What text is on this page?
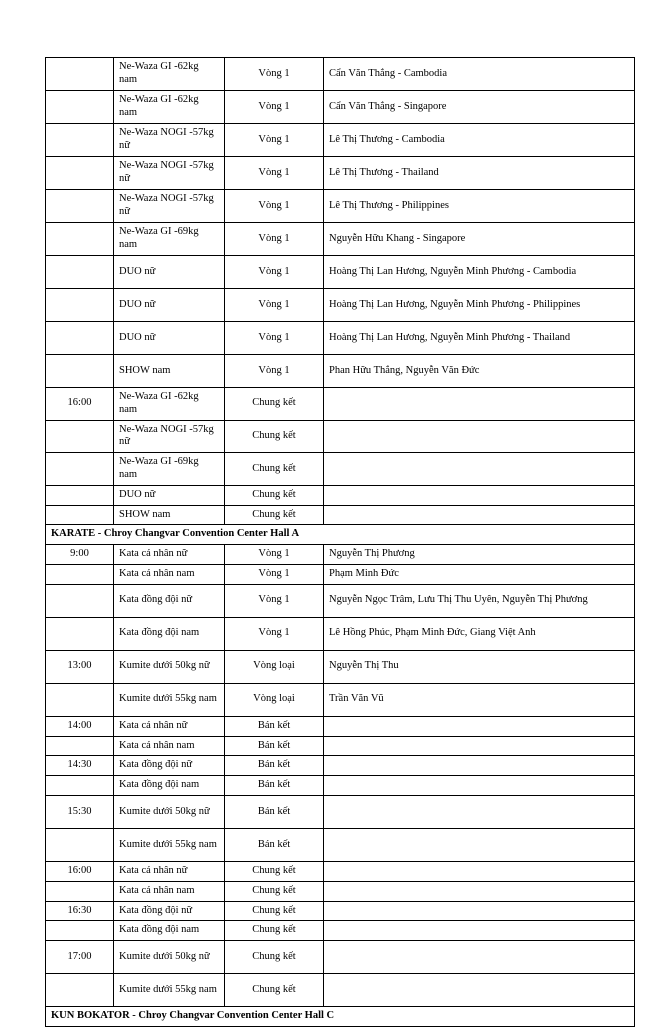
	Ne-Waza GI -62kg nam	Vòng 1	Cẩn Văn Thắng - Cambodia
	Ne-Waza GI -62kg nam	Vòng 1	Cẩn Văn Thắng - Singapore
	Ne-Waza NOGI -57kg nữ	Vòng 1	Lê Thị Thương - Cambodia
	Ne-Waza NOGI -57kg nữ	Vòng 1	Lê Thị Thương - Thailand
	Ne-Waza NOGI -57kg nữ	Vòng 1	Lê Thị Thương - Philippines
	Ne-Waza GI -69kg nam	Vòng 1	Nguyễn Hữu Khang - Singapore
	DUO nữ	Vòng 1	Hoàng Thị Lan Hương, Nguyễn Minh Phương - Cambodia
	DUO nữ	Vòng 1	Hoàng Thị Lan Hương, Nguyễn Minh Phương - Philippines
	DUO nữ	Vòng 1	Hoàng Thị Lan Hương, Nguyễn Minh Phương - Thailand
	SHOW nam	Vòng 1	Phan Hữu Thắng, Nguyễn Văn Đức
16:00	Ne-Waza GI -62kg nam	Chung kết	
	Ne-Waza NOGI -57kg nữ	Chung kết	
	Ne-Waza GI -69kg nam	Chung kết	
	DUO nữ	Chung kết	
	SHOW nam	Chung kết	
KARATE - Chroy Changvar Convention Center Hall A			
9:00	Kata cá nhân nữ	Vòng 1	Nguyễn Thị Phương
	Kata cá nhân nam	Vòng 1	Phạm Minh Đức
	Kata đồng đội nữ	Vòng 1	Nguyễn Ngọc Trâm, Lưu Thị Thu Uyên, Nguyễn Thị Phương
	Kata đồng đội nam	Vòng 1	Lê Hồng Phúc, Phạm Minh Đức, Giang Việt Anh
13:00	Kumite dưới 50kg nữ	Vòng loại	Nguyễn Thị Thu
	Kumite dưới 55kg nam	Vòng loại	Trần Văn Vũ
14:00	Kata cá nhân nữ	Bán kết	
	Kata cá nhân nam	Bán kết	
14:30	Kata đồng đội nữ	Bán kết	
	Kata đồng đội nam	Bán kết	
15:30	Kumite dưới 50kg nữ	Bán kết	
	Kumite dưới 55kg nam	Bán kết	
16:00	Kata cá nhân nữ	Chung kết	
	Kata cá nhân nam	Chung kết	
16:30	Kata đồng đội nữ	Chung kết	
	Kata đồng đội nam	Chung kết	
17:00	Kumite dưới 50kg nữ	Chung kết	
	Kumite dưới 55kg nam	Chung kết	
KUN BOKATOR - Chroy Changvar Convention Center Hall C			
